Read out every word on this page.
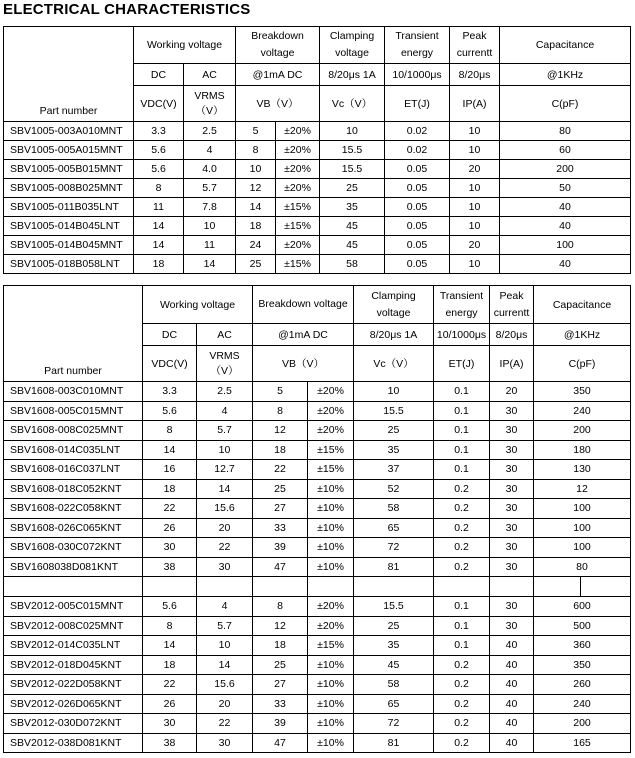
ELECTRICAL CHARACTERISTICS
Part number	Working voltage		Breakdown voltage		Clamping voltage	Transient energy	Peak currentt	Capacitance
	DC	AC	@1mA DC		8/20μs 1A	10/1000μs	8/20μs	@1KHz
	VDC(V)	VRMS（V）	VB（V）		Vc（V）	ET(J)	IP(A)	C(pF)
SBV1005-003A010MNT	3.3	2.5	5	±20%	10	0.02	10	80
SBV1005-005A015MNT	5.6	4	8	±20%	15.5	0.02	10	60
SBV1005-005B015MNT	5.6	4.0	10	±20%	15.5	0.05	20	200
SBV1005-008B025MNT	8	5.7	12	±20%	25	0.05	10	50
SBV1005-011B035LNT	11	7.8	14	±15%	35	0.05	10	40
SBV1005-014B045LNT	14	10	18	±15%	45	0.05	10	40
SBV1005-014B045MNT	14	11	24	±20%	45	0.05	20	100
SBV1005-018B058LNT	18	14	25	±15%	58	0.05	10	40
Part number	Working voltage		Breakdown voltage		Clamping voltage	Transient energy	Peak currentt	Capacitance	
	DC	AC	@1mA DC		8/20μs 1A	10/1000μs	8/20μs	@1KHz	
	VDC(V)	VRMS（V）	VB（V）		Vc（V）	ET(J)	IP(A)	C(pF)	
SBV1608-003C010MNT	3.3	2.5	5	±20%	10	0.1	20	350	
SBV1608-005C015MNT	5.6	4	8	±20%	15.5	0.1	30	240	
SBV1608-008C025MNT	8	5.7	12	±20%	25	0.1	30	200	
SBV1608-014C035LNT	14	10	18	±15%	35	0.1	30	180	
SBV1608-016C037LNT	16	12.7	22	±15%	37	0.1	30	130	
SBV1608-018C052KNT	18	14	25	±10%	52	0.2	30	12	
SBV1608-022C058KNT	22	15.6	27	±10%	58	0.2	30	100	
SBV1608-026C065KNT	26	20	33	±10%	65	0.2	30	100	
SBV1608-030C072KNT	30	22	39	±10%	72	0.2	30	100	
SBV1608038D081KNT	38	30	47	±10%	81	0.2	30	80	

SBV2012-005C015MNT	5.6	4	8	±20%	15.5	0.1	30	600	
SBV2012-008C025MNT	8	5.7	12	±20%	25	0.1	30	500	
SBV2012-014C035LNT	14	10	18	±15%	35	0.1	40	360	
SBV2012-018D045KNT	18	14	25	±10%	45	0.2	40	350	
SBV2012-022D058KNT	22	15.6	27	±10%	58	0.2	40	260	
SBV2012-026D065KNT	26	20	33	±10%	65	0.2	40	240	
SBV2012-030D072KNT	30	22	39	±10%	72	0.2	40	200	
SBV2012-038D081KNT	38	30	47	±10%	81	0.2	40	165	
